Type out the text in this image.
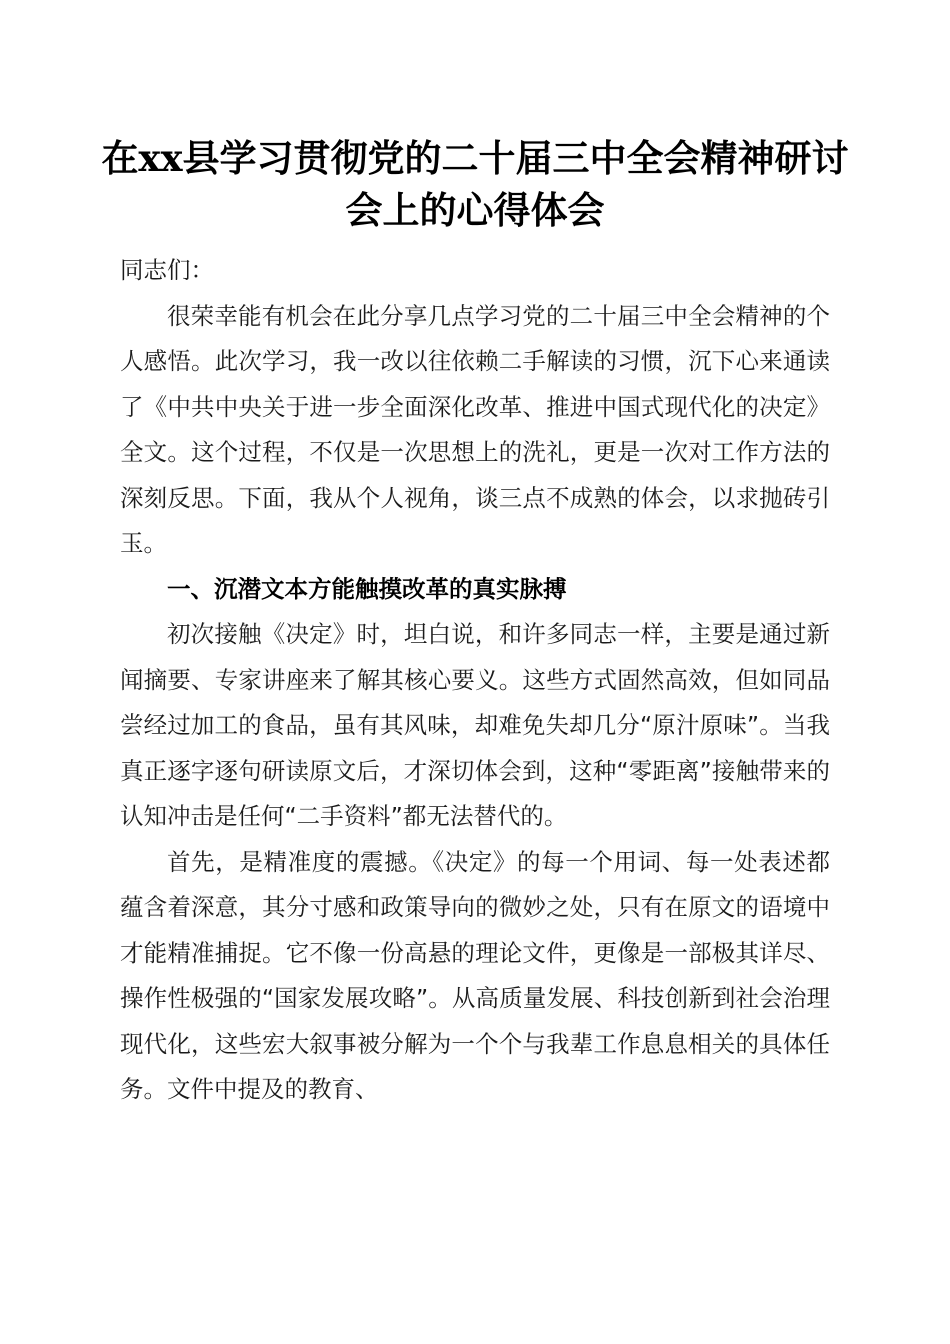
在xx县学习贯彻党的二十届三中全会精神研讨会上的心得体会

同志们：

很荣幸能有机会在此分享几点学习党的二十届三中全会精神的个人感悟。此次学习，我一改以往依赖二手解读的习惯，沉下心来通读了《中共中央关于进一步全面深化改革、推进中国式现代化的决定》全文。这个过程，不仅是一次思想上的洗礼，更是一次对工作方法的深刻反思。下面，我从个人视角，谈三点不成熟的体会，以求抛砖引玉。

一、沉潜文本方能触摸改革的真实脉搏

初次接触《决定》时，坦白说，和许多同志一样，主要是通过新闻摘要、专家讲座来了解其核心要义。这些方式固然高效，但如同品尝经过加工的食品，虽有其风味，却难免失却几分“原汁原味”。当我真正逐字逐句研读原文后，才深切体会到，这种“零距离”接触带来的认知冲击是任何“二手资料”都无法替代的。

首先，是精准度的震撼。《决定》的每一个用词、每一处表述都蕴含着深意，其分寸感和政策导向的微妙之处，只有在原文的语境中才能精准捕捉。它不像一份高悬的理论文件，更像是一部极其详尽、操作性极强的“国家发展攻略”。从高质量发展、科技创新到社会治理现代化，这些宏大叙事被分解为一个个与我辈工作息息相关的具体任务。文件中提及的教育、
